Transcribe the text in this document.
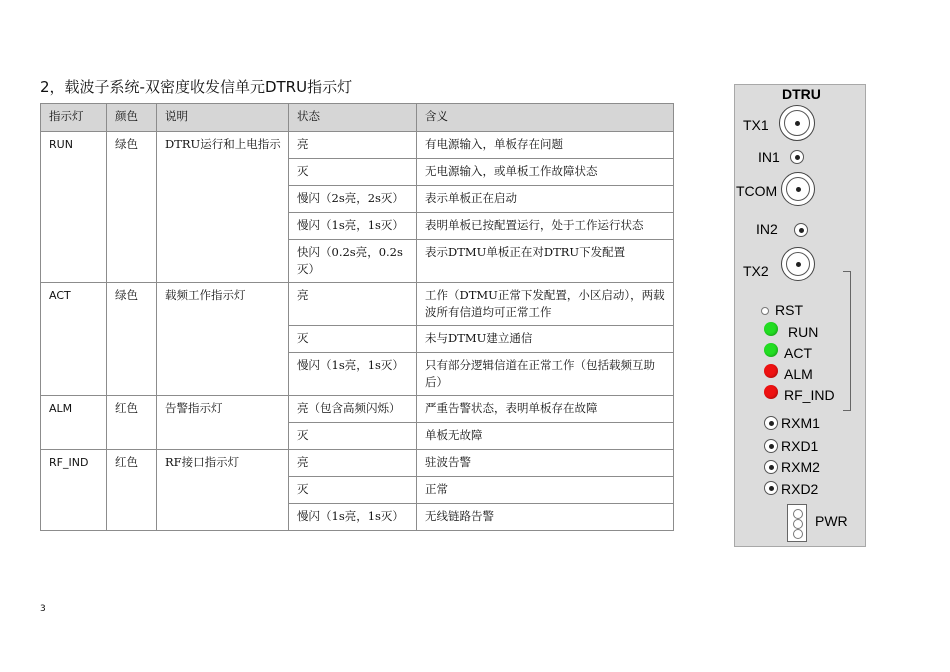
2，载波子系统-双密度收发信单元DTRU指示灯
指示灯	颜色	说明	状态	含义
RUN	绿色	DTRU运行和上电指示	亮	有电源输入，单板存在问题
			灭	无电源输入，或单板工作故障状态
			慢闪（2s亮，2s灭）	表示单板正在启动
			慢闪（1s亮，1s灭）	表明单板已按配置运行，处于工作运行状态
			快闪（0.2s亮，0.2s灭）	表示DTMU单板正在对DTRU下发配置
ACT	绿色	载频工作指示灯	亮	工作（DTMU正常下发配置，小区启动），两载波所有信道均可正常工作
			灭	未与DTMU建立通信
			慢闪（1s亮，1s灭）	只有部分逻辑信道在正常工作（包括载频互助后）
ALM	红色	告警指示灯	亮（包含高频闪烁）	严重告警状态，表明单板存在故障
			灭	单板无故障
RF_IND	红色	RF接口指示灯	亮	驻波告警
			灭	正常
			慢闪（1s亮，1s灭）	无线链路告警
3
DTRU
TX1
IN1
TCOM
IN2
TX2
RST
RUN
ACT
ALM
RF_IND
RXM1
RXD1
RXM2
RXD2
PWR
